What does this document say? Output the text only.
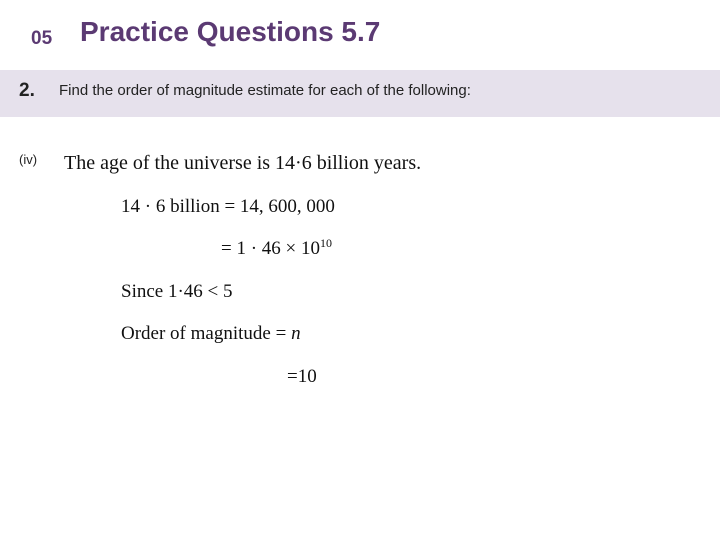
05 Practice Questions 5.7
2. Find the order of magnitude estimate for each of the following:
(iv) The age of the universe is 14·6 billion years.
14 · 6 billion = 14, 600, 000
= $1 \cdot 46 \times 10^{10}$
Since 1·46 < 5
Order of magnitude = n
=10
